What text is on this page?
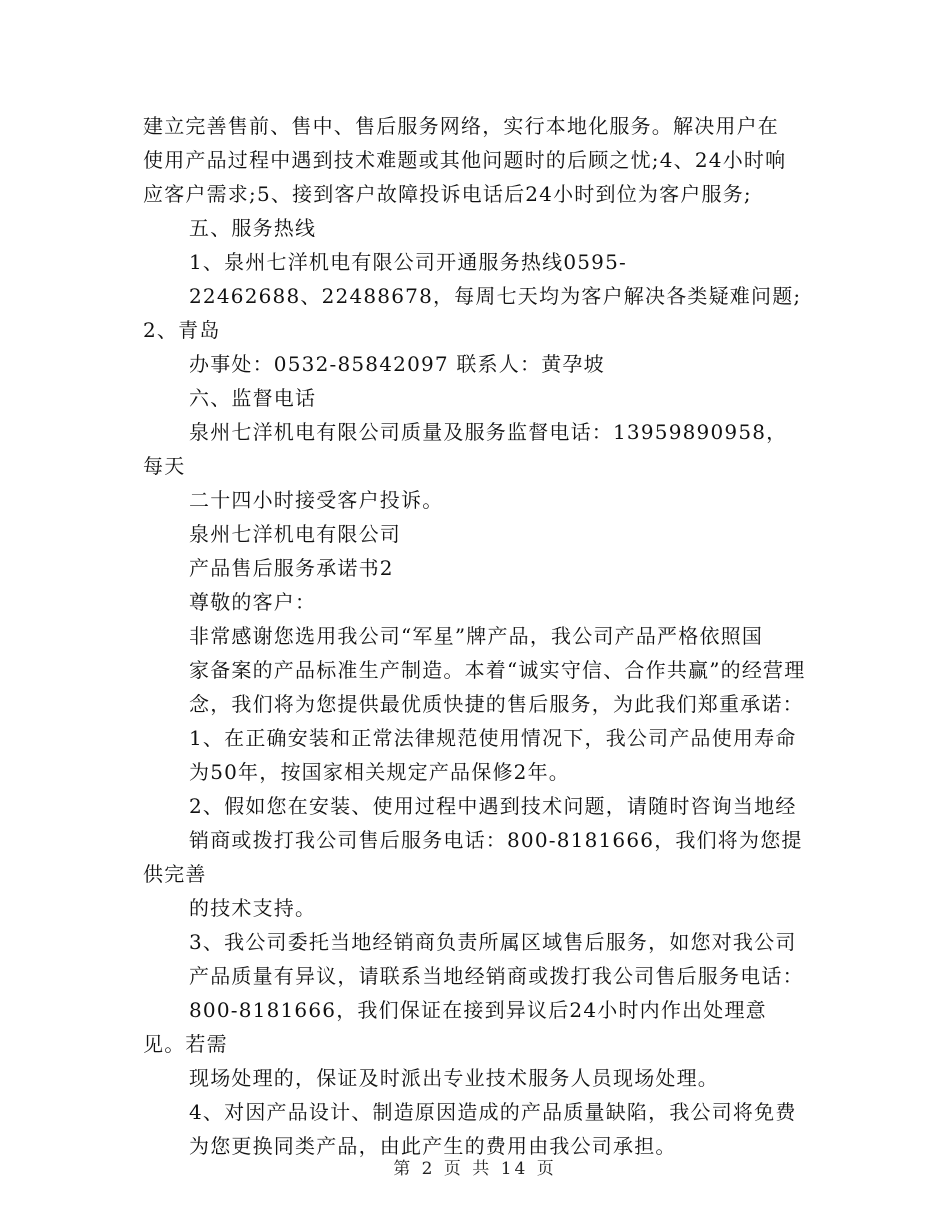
建立完善售前、售中、售后服务网络，实行本地化服务。解决用户在
使用产品过程中遇到技术难题或其他问题时的后顾之忧;4、24小时响
应客户需求;5、接到客户故障投诉电话后24小时到位为客户服务;

五、服务热线

1、泉州七洋机电有限公司开通服务热线0595-
22462688、22488678，每周七天均为客户解决各类疑难问题;2、青岛
办事处：0532-85842097 联系人：黄孕坡

六、监督电话

泉州七洋机电有限公司质量及服务监督电话：13959890958，每天
二十四小时接受客户投诉。

泉州七洋机电有限公司

产品售后服务承诺书2

尊敬的客户：

非常感谢您选用我公司“军星”牌产品，我公司产品严格依照国
家备案的产品标准生产制造。本着“诚实守信、合作共赢”的经营理
念，我们将为您提供最优质快捷的售后服务，为此我们郑重承诺：

1、在正确安装和正常法律规范使用情况下，我公司产品使用寿命
为50年，按国家相关规定产品保修2年。

2、假如您在安装、使用过程中遇到技术问题，请随时咨询当地经
销商或拨打我公司售后服务电话：800-8181666，我们将为您提供完善
的技术支持。

3、我公司委托当地经销商负责所属区域售后服务，如您对我公司
产品质量有异议，请联系当地经销商或拨打我公司售后服务电话：
800-8181666，我们保证在接到异议后24小时内作出处理意见。若需
现场处理的，保证及时派出专业技术服务人员现场处理。

4、对因产品设计、制造原因造成的产品质量缺陷，我公司将免费
为您更换同类产品，由此产生的费用由我公司承担。

第 2 页 共 14 页
